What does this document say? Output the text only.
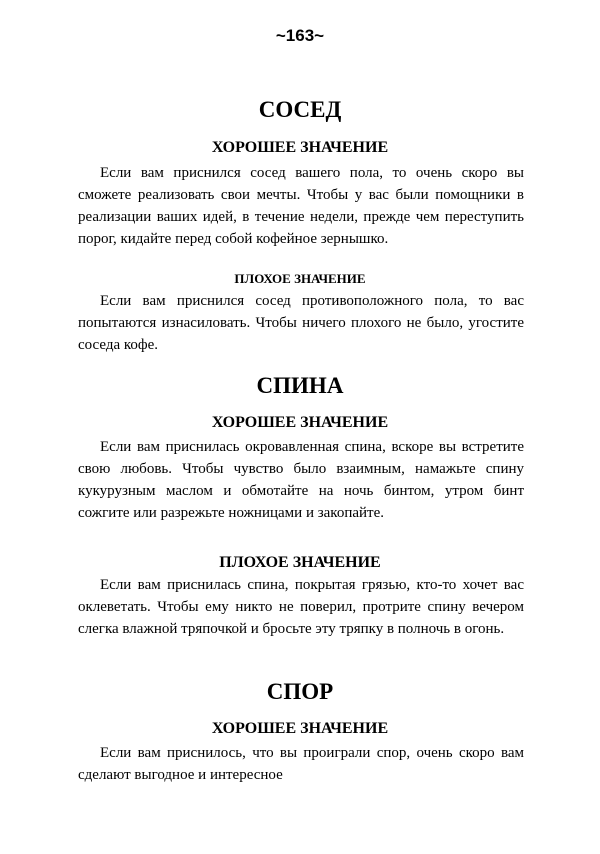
~163~
СОСЕД
ХОРОШЕЕ ЗНАЧЕНИЕ

Если вам приснился сосед вашего пола, то очень скоро вы сможете реализовать свои мечты. Чтобы у вас были помощники в реализации ваших идей, в течение недели, прежде чем переступить порог, кидайте перед собой кофейное зернышко.

ПЛОХОЕ ЗНАЧЕНИЕ

Если вам приснился сосед противоположного пола, то вас попытаются изнасиловать. Чтобы ничего плохого не было, угостите соседа кофе.

СПИНА
ХОРОШЕЕ ЗНАЧЕНИЕ

Если вам приснилась окровавленная спина, вскоре вы встретите свою любовь. Чтобы чувство было взаимным, намажьте спину кукурузным маслом и обмотайте на ночь бинтом, утром бинт сожгите или разрежьте ножницами и закопайте.

ПЛОХОЕ ЗНАЧЕНИЕ

Если вам приснилась спина, покрытая грязью, кто-то хочет вас оклеветать. Чтобы ему никто не поверил, протрите спину вечером слегка влажной тряпочкой и бросьте эту тряпку в полночь в огонь.

СПОР
ХОРОШЕЕ ЗНАЧЕНИЕ

Если вам приснилось, что вы проиграли спор, очень скоро вам сделают выгодное и интересное
